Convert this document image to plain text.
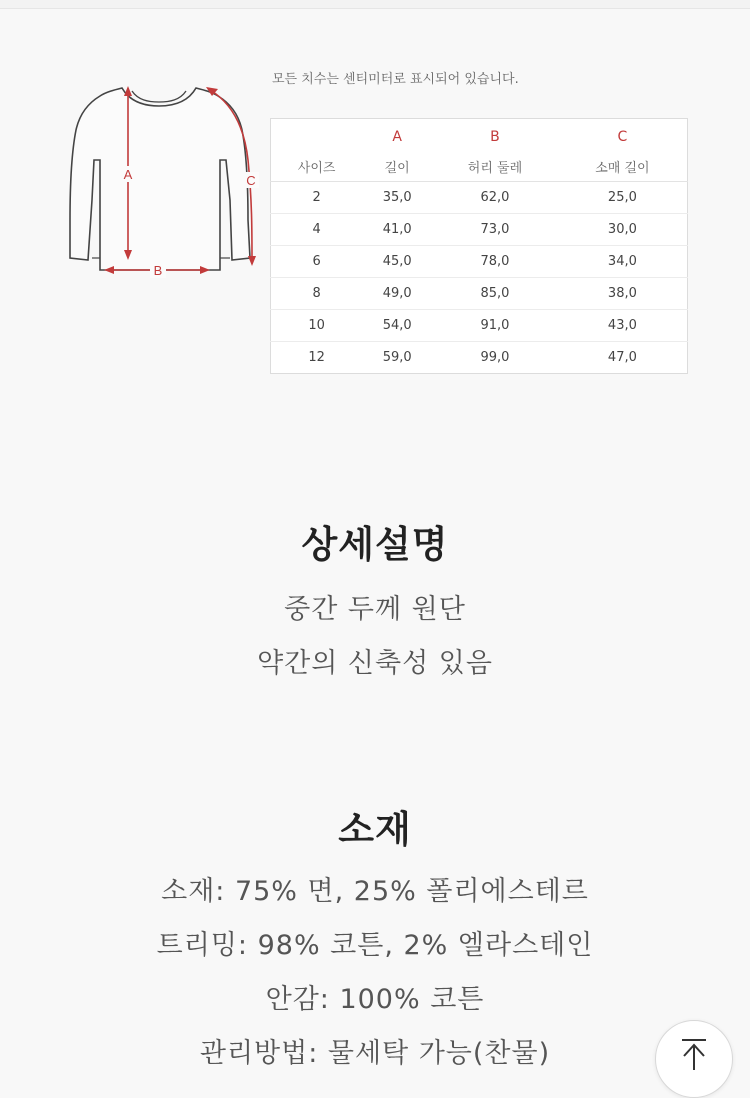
A
B
C
모든 치수는 센티미터로 표시되어 있습니다.
	A	B	C
사이즈	길이	허리 둘레	소매 길이
2	35,0	62,0	25,0
4	41,0	73,0	30,0
6	45,0	78,0	34,0
8	49,0	85,0	38,0
10	54,0	91,0	43,0
12	59,0	99,0	47,0
상세설명

중간 두께 원단

약간의 신축성 있음

소재

소재: 75% 면, 25% 폴리에스테르

트리밍: 98% 코튼, 2% 엘라스테인

안감: 100% 코튼

관리방법: 물세탁 가능(찬물)
